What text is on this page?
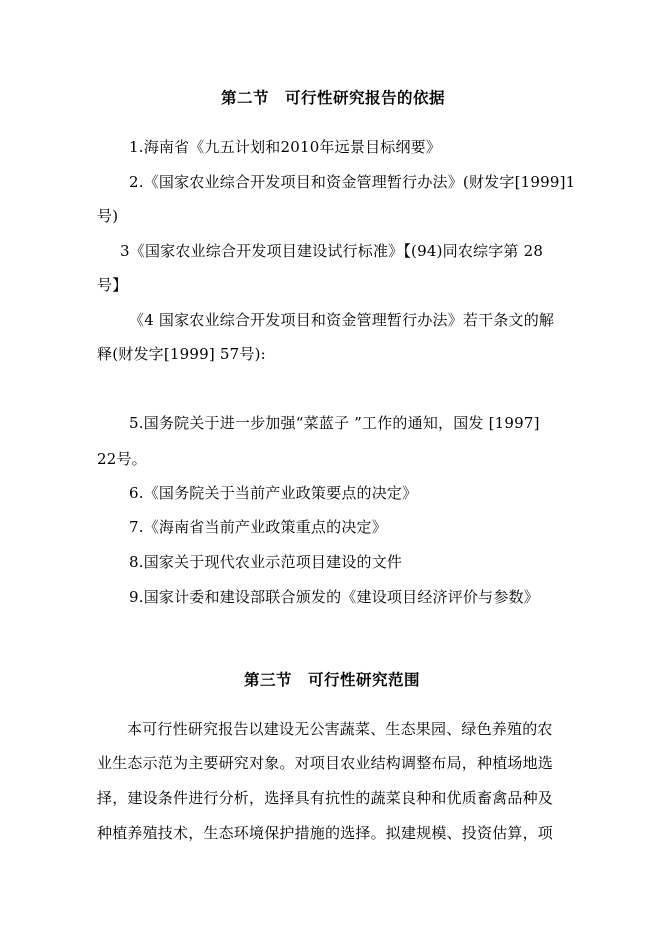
第二节　可行性研究报告的依据
1.海南省《九五计划和2010年远景目标纲要》
2.《国家农业综合开发项目和资金管理暂行办法》(财发字[1999]1
号)
3《国家农业综合开发项目建设试行标准》【(94)同农综字第 28
号】
《4 国家农业综合开发项目和资金管理暂行办法》若干条文的解
释(财发字[1999] 57号):
5.国务院关于进一步加强“菜蓝子 ”工作的通知，国发 [1997]
22号。
6.《国务院关于当前产业政策要点的决定》
7.《海南省当前产业政策重点的决定》
8.国家关于现代农业示范项目建设的文件
9.国家计委和建设部联合颁发的《建设项目经济评价与参数》
第三节　可行性研究范围
本可行性研究报告以建设无公害蔬菜、生态果园、绿色养殖的农
业生态示范为主要研究对象。对项目农业结构调整布局，种植场地选
择，建设条件进行分析，选择具有抗性的蔬菜良种和优质畜禽品种及
种植养殖技术，生态环境保护措施的选择。拟建规模、投资估算，项
